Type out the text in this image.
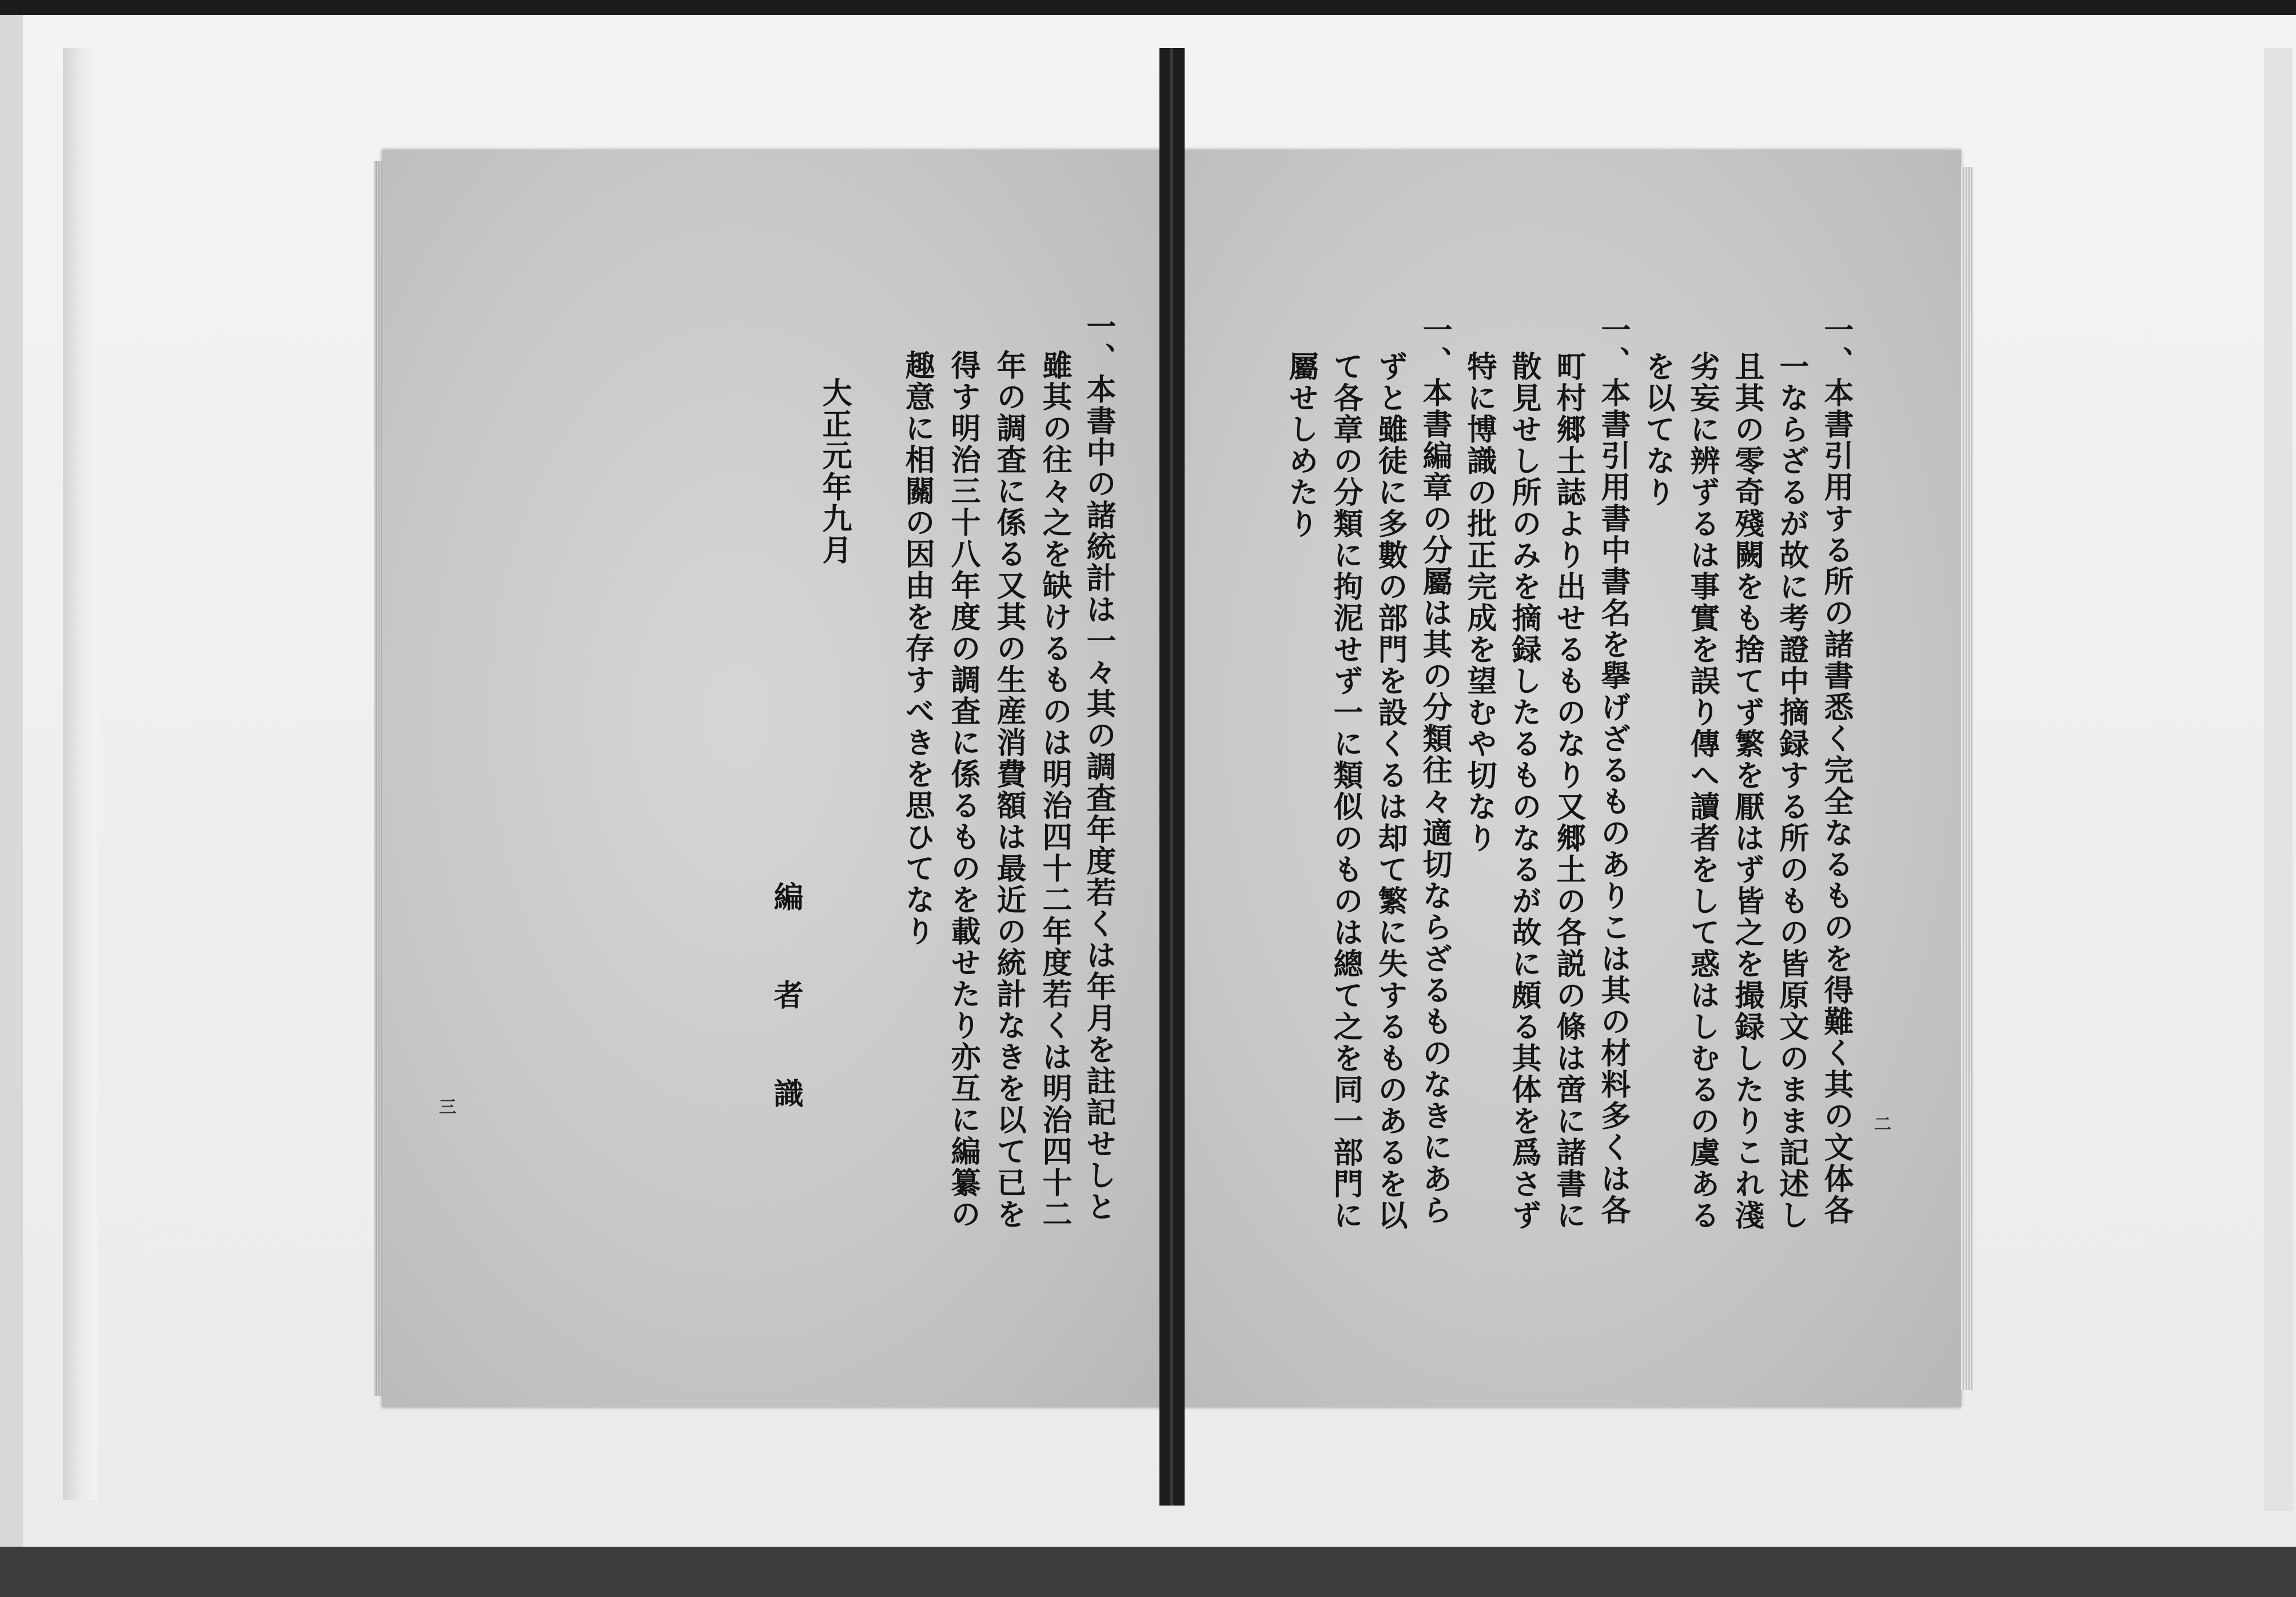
一、本書中の諸統計は一々其の調査年度若くは年月を註記せしと
雖其の往々之を缺けるものは明治四十二年度若くは明治四十二
年の調査に係る又其の生産消費額は最近の統計なきを以て已を
得す明治三十八年度の調査に係るものを載せたり亦互に編纂の
趣意に相關の因由を存すべきを思ひてなり
大正元年九月
編者識
三	一、本書引用する所の諸書悉く完全なるものを得難く其の文体各
一ならざるが故に考證中摘録する所のもの皆原文のまま記述し
且其の零奇殘闕をも捨てず繁を厭はず皆之を撮録したりこれ淺
劣妄に辨ずるは事實を誤り傳へ讀者をして惑はしむるの虞ある
を以てなり
一、本書引用書中書名を擧げざるものありこは其の材料多くは各
町村郷土誌より出せるものなり又郷土の各説の條は啻に諸書に
散見せし所のみを摘録したるものなるが故に頗る其体を爲さず
特に博識の批正完成を望むや切なり
一、本書編章の分屬は其の分類往々適切ならざるものなきにあら
ずと雖徒に多數の部門を設くるは却て繁に失するものあるを以
て各章の分類に拘泥せず一に類似のものは總て之を同一部門に
屬せしめたり
二
